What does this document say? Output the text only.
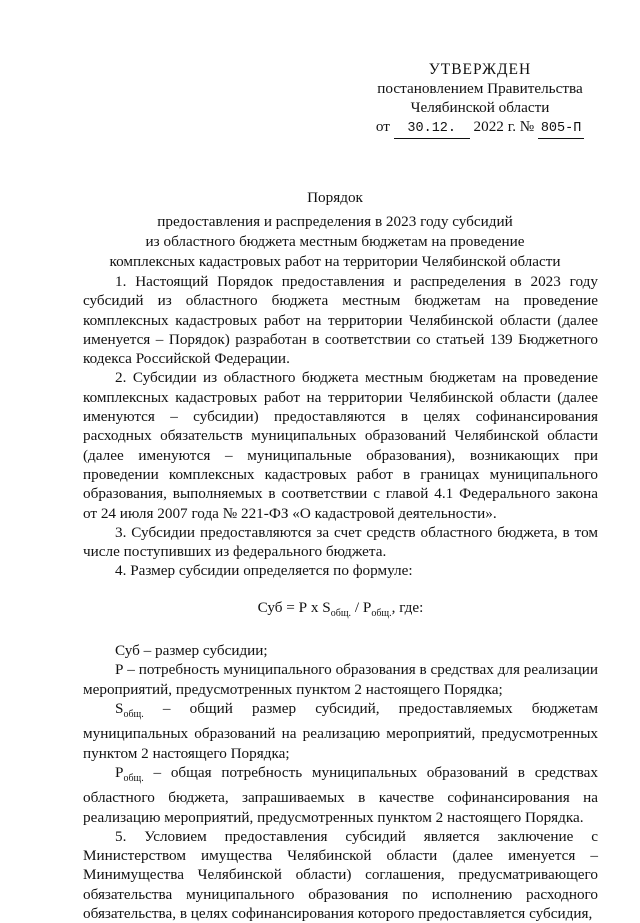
УТВЕРЖДЕН
постановлением Правительства
Челябинской области
от 30.12. 2022 г. № 805-П
Порядок
предоставления и распределения в 2023 году субсидий
из областного бюджета местным бюджетам на проведение
комплексных кадастровых работ на территории Челябинской области

1. Настоящий Порядок предоставления и распределения в 2023 году субсидий из областного бюджета местным бюджетам на проведение комплексных кадастровых работ на территории Челябинской области (далее именуется – Порядок) разработан в соответствии со статьей 139 Бюджетного кодекса Российской Федерации.

2. Субсидии из областного бюджета местным бюджетам на проведение комплексных кадастровых работ на территории Челябинской области (далее именуются – субсидии) предоставляются в целях софинансирования расходных обязательств муниципальных образований Челябинской области (далее именуются – муниципальные образования), возникающих при проведении комплексных кадастровых работ в границах муниципального образования, выполняемых в соответствии с главой 4.1 Федерального закона от 24 июля 2007 года № 221-ФЗ «О кадастровой деятельности».

3. Субсидии предоставляются за счет средств областного бюджета, в том числе поступивших из федерального бюджета.

4. Размер субсидии определяется по формуле:

Суб = Р х $S_{общ.} / Р_{общ.}$, где:

Суб – размер субсидии;

Р – потребность муниципального образования в средствах для реализации мероприятий, предусмотренных пунктом 2 настоящего Порядка;

$S_{общ.}$ – общий размер субсидий, предоставляемых бюджетам муниципальных образований на реализацию мероприятий, предусмотренных пунктом 2 настоящего Порядка;

$Р_{общ.}$ – общая потребность муниципальных образований в средствах областного бюджета, запрашиваемых в качестве софинансирования на реализацию мероприятий, предусмотренных пунктом 2 настоящего Порядка.

5. Условием предоставления субсидий является заключение с Министерством имущества Челябинской области (далее именуется – Минимущества Челябинской области) соглашения, предусматривающего обязательства муниципального образования по исполнению расходного обязательства, в целях софинансирования которого предоставляется субсидия,
